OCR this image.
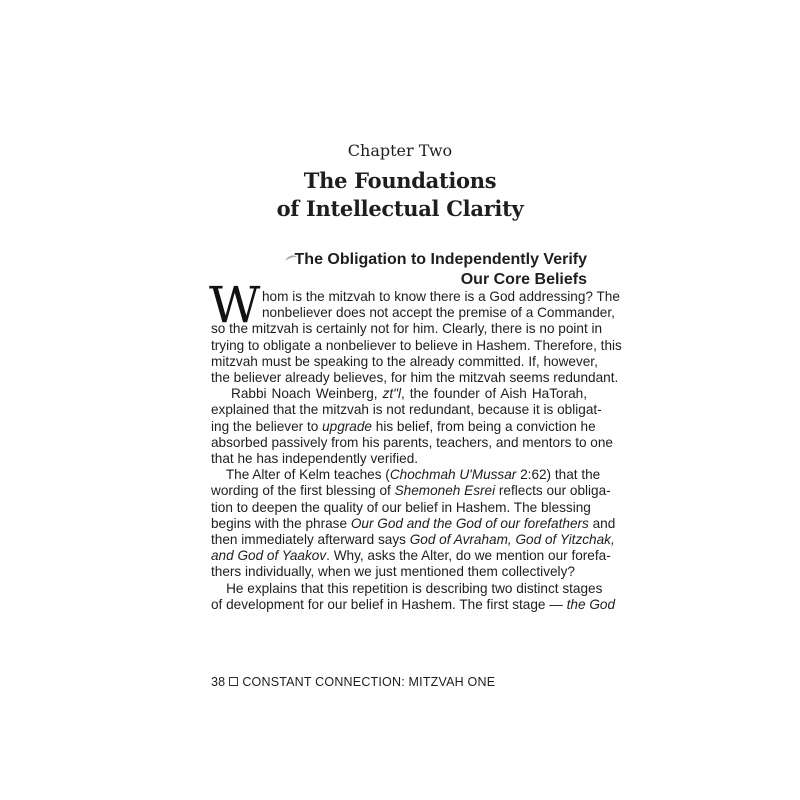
Chapter Two
The Foundations
of Intellectual Clarity
The Obligation to Independently Verify
Our Core Beliefs
W hom is the mitzvah to know there is a God addressing? The
nonbeliever does not accept the premise of a Commander,
so the mitzvah is certainly not for him. Clearly, there is no point in
trying to obligate a nonbeliever to believe in Hashem. Therefore, this
mitzvah must be speaking to the already committed. If, however,
the believer already believes, for him the mitzvah seems redundant.
Rabbi Noach Weinberg, zt"l, the founder of Aish HaTorah,
explained that the mitzvah is not redundant, because it is obligat-
ing the believer to upgrade his belief, from being a conviction he
absorbed passively from his parents, teachers, and mentors to one
that he has independently verified.
The Alter of Kelm teaches (Chochmah U'Mussar 2:62) that the
wording of the first blessing of Shemoneh Esrei reflects our obliga-
tion to deepen the quality of our belief in Hashem. The blessing
begins with the phrase Our God and the God of our forefathers and
then immediately afterward says God of Avraham, God of Yitzchak,
and God of Yaakov. Why, asks the Alter, do we mention our forefa-
thers individually, when we just mentioned them collectively?
He explains that this repetition is describing two distinct stages
of development for our belief in Hashem. The first stage — the God
38 CONSTANT CONNECTION: MITZVAH ONE
